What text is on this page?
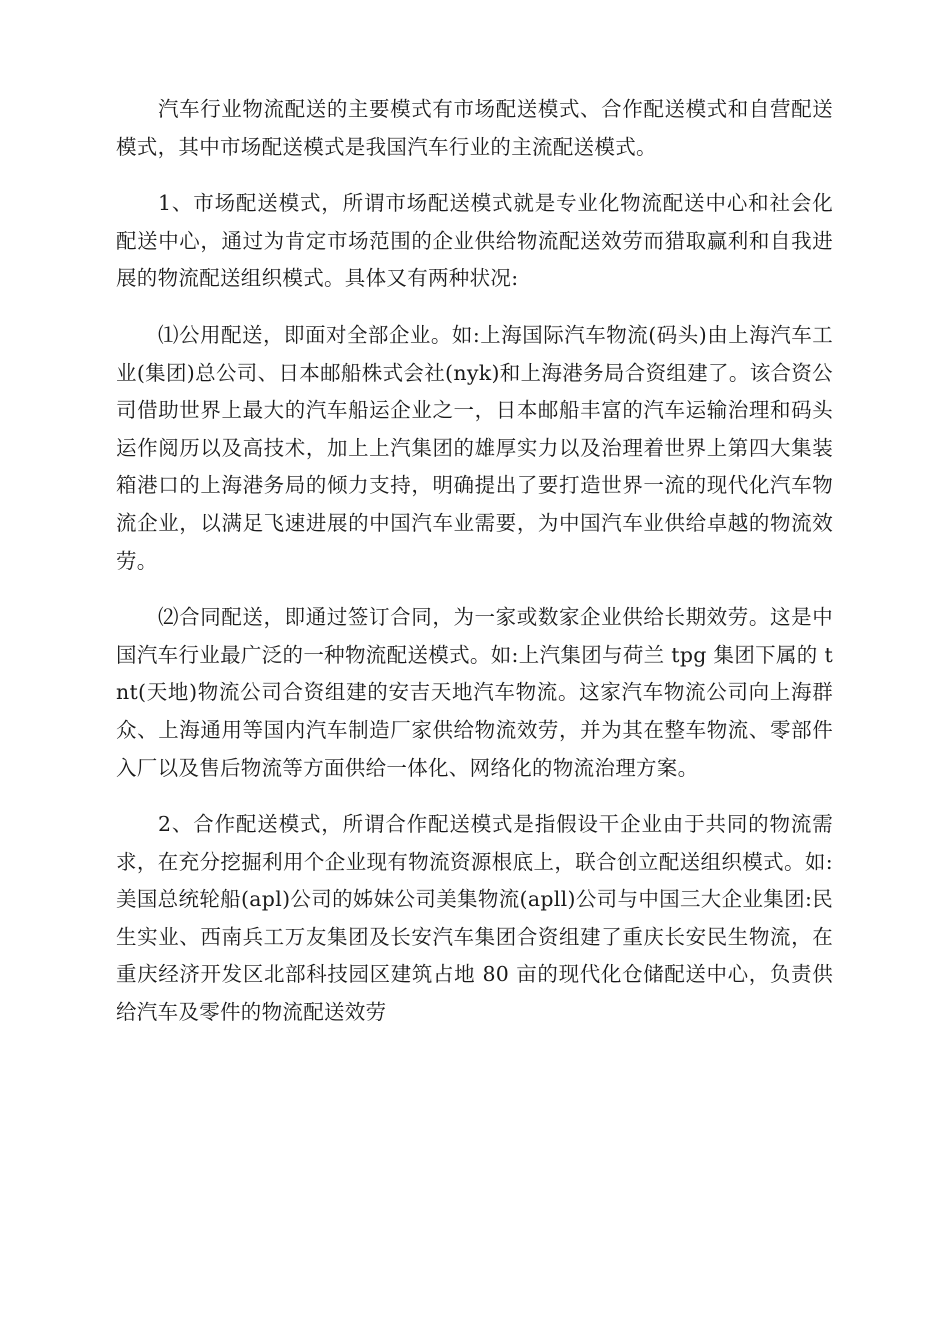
汽车行业物流配送的主要模式有市场配送模式、合作配送模式和自营配送模式，其中市场配送模式是我国汽车行业的主流配送模式。

1、市场配送模式，所谓市场配送模式就是专业化物流配送中心和社会化配送中心，通过为肯定市场范围的企业供给物流配送效劳而猎取赢利和自我进展的物流配送组织模式。具体又有两种状况:

⑴公用配送，即面对全部企业。如:上海国际汽车物流(码头)由上海汽车工业(集团)总公司、日本邮船株式会社(nyk)和上海港务局合资组建了。该合资公司借助世界上最大的汽车船运企业之一，日本邮船丰富的汽车运输治理和码头运作阅历以及高技术，加上上汽集团的雄厚实力以及治理着世界上第四大集装箱港口的上海港务局的倾力支持，明确提出了要打造世界一流的现代化汽车物流企业，以满足飞速进展的中国汽车业需要，为中国汽车业供给卓越的物流效劳。

⑵合同配送，即通过签订合同，为一家或数家企业供给长期效劳。这是中国汽车行业最广泛的一种物流配送模式。如:上汽集团与荷兰 tpg 集团下属的 tnt(天地)物流公司合资组建的安吉天地汽车物流。这家汽车物流公司向上海群众、上海通用等国内汽车制造厂家供给物流效劳，并为其在整车物流、零部件入厂以及售后物流等方面供给一体化、网络化的物流治理方案。

2、合作配送模式，所谓合作配送模式是指假设干企业由于共同的物流需求，在充分挖掘利用个企业现有物流资源根底上，联合创立配送组织模式。如:美国总统轮船(apl)公司的姊妹公司美集物流(apll)公司与中国三大企业集团:民生实业、西南兵工万友集团及长安汽车集团合资组建了重庆长安民生物流，在重庆经济开发区北部科技园区建筑占地 80 亩的现代化仓储配送中心，负责供给汽车及零件的物流配送效劳
